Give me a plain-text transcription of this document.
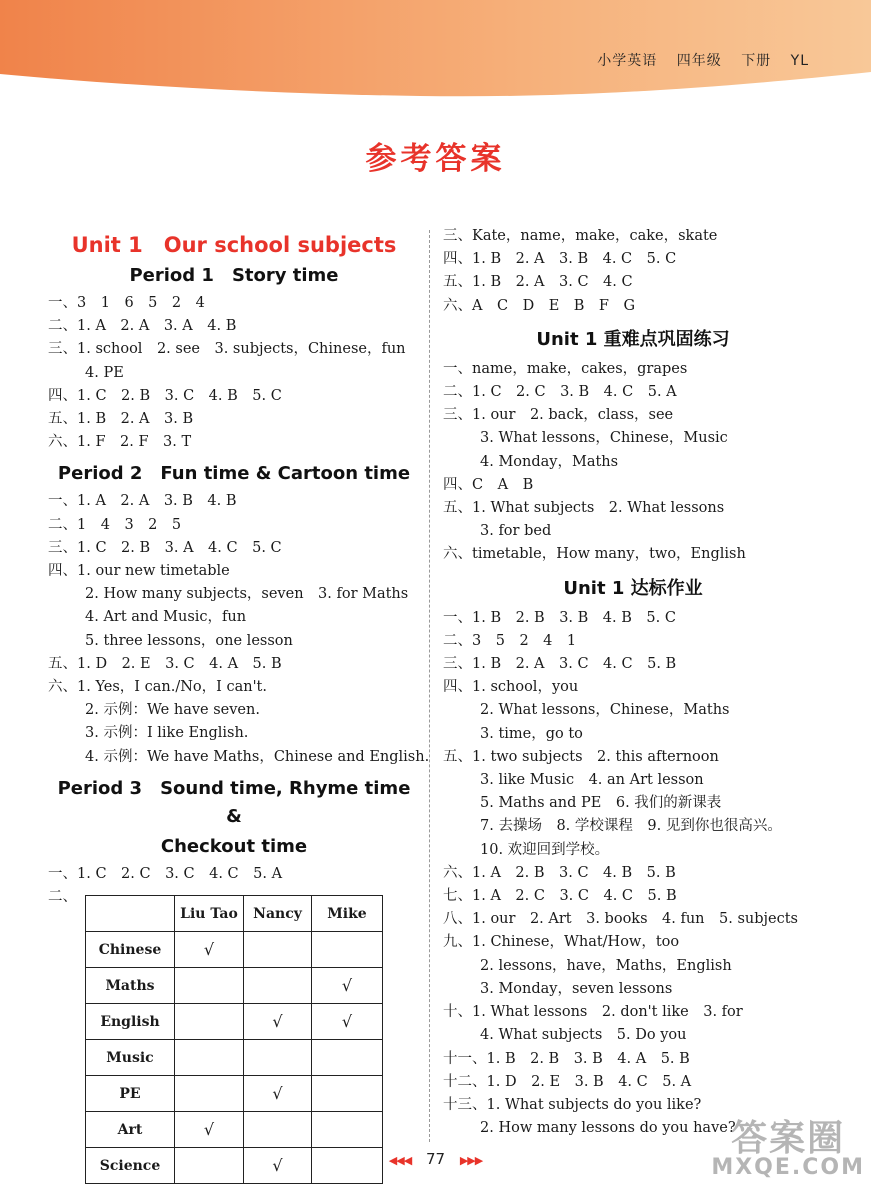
小学英语 四年级 下册 YL
参考答案
Unit 1　Our school subjects
Period 1　Story time
一、3　1　6　5　2　4
二、1. A　2. A　3. A　4. B
三、1. school　2. see　3. subjects，Chinese，fun
4. PE
四、1. C　2. B　3. C　4. B　5. C
五、1. B　2. A　3. B
六、1. F　2. F　3. T
Period 2　Fun time & Cartoon time
一、1. A　2. A　3. B　4. B
二、1　4　3　2　5
三、1. C　2. B　3. A　4. C　5. C
四、1. our new timetable
2. How many subjects，seven　3. for Maths
4. Art and Music，fun
5. three lessons，one lesson
五、1. D　2. E　3. C　4. A　5. B
六、1. Yes，I can./No，I can't.
2. 示例：We have seven.
3. 示例：I like English.
4. 示例：We have Maths，Chinese and English.
Period 3　Sound time, Rhyme time &
Checkout time
一、1. C　2. C　3. C　4. C　5. A
二、
	Liu Tao	Nancy	Mike
Chinese	√		
Maths			√
English		√	√
Music			
PE		√	
Art	√		
Science		√	
三、Kate，name，make，cake，skate
四、1. B　2. A　3. B　4. C　5. C
五、1. B　2. A　3. C　4. C
六、A　C　D　E　B　F　G
Unit 1 重难点巩固练习
一、name，make，cakes，grapes
二、1. C　2. C　3. B　4. C　5. A
三、1. our　2. back，class，see
3. What lessons，Chinese，Music
4. Monday，Maths
四、C　A　B
五、1. What subjects　2. What lessons
3. for bed
六、timetable，How many，two，English
Unit 1 达标作业
一、1. B　2. B　3. B　4. B　5. C
二、3　5　2　4　1
三、1. B　2. A　3. C　4. C　5. B
四、1. school，you
2. What lessons，Chinese，Maths
3. time，go to
五、1. two subjects　2. this afternoon
3. like Music　4. an Art lesson
5. Maths and PE　6. 我们的新课表
7. 去操场　8. 学校课程　9. 见到你也很高兴。
10. 欢迎回到学校。
六、1. A　2. B　3. C　4. B　5. B
七、1. A　2. C　3. C　4. C　5. B
八、1. our　2. Art　3. books　4. fun　5. subjects
九、1. Chinese，What/How，too
2. lessons，have，Maths，English
3. Monday，seven lessons
十、1. What lessons　2. don't like　3. for
4. What subjects　5. Do you
十一、1. B　2. B　3. B　4. A　5. B
十二、1. D　2. E　3. B　4. C　5. A
十三、1. What subjects do you like?
2. How many lessons do you have?
◀◀◀ 77 ▶▶▶
答案圈
MXQE.COM
